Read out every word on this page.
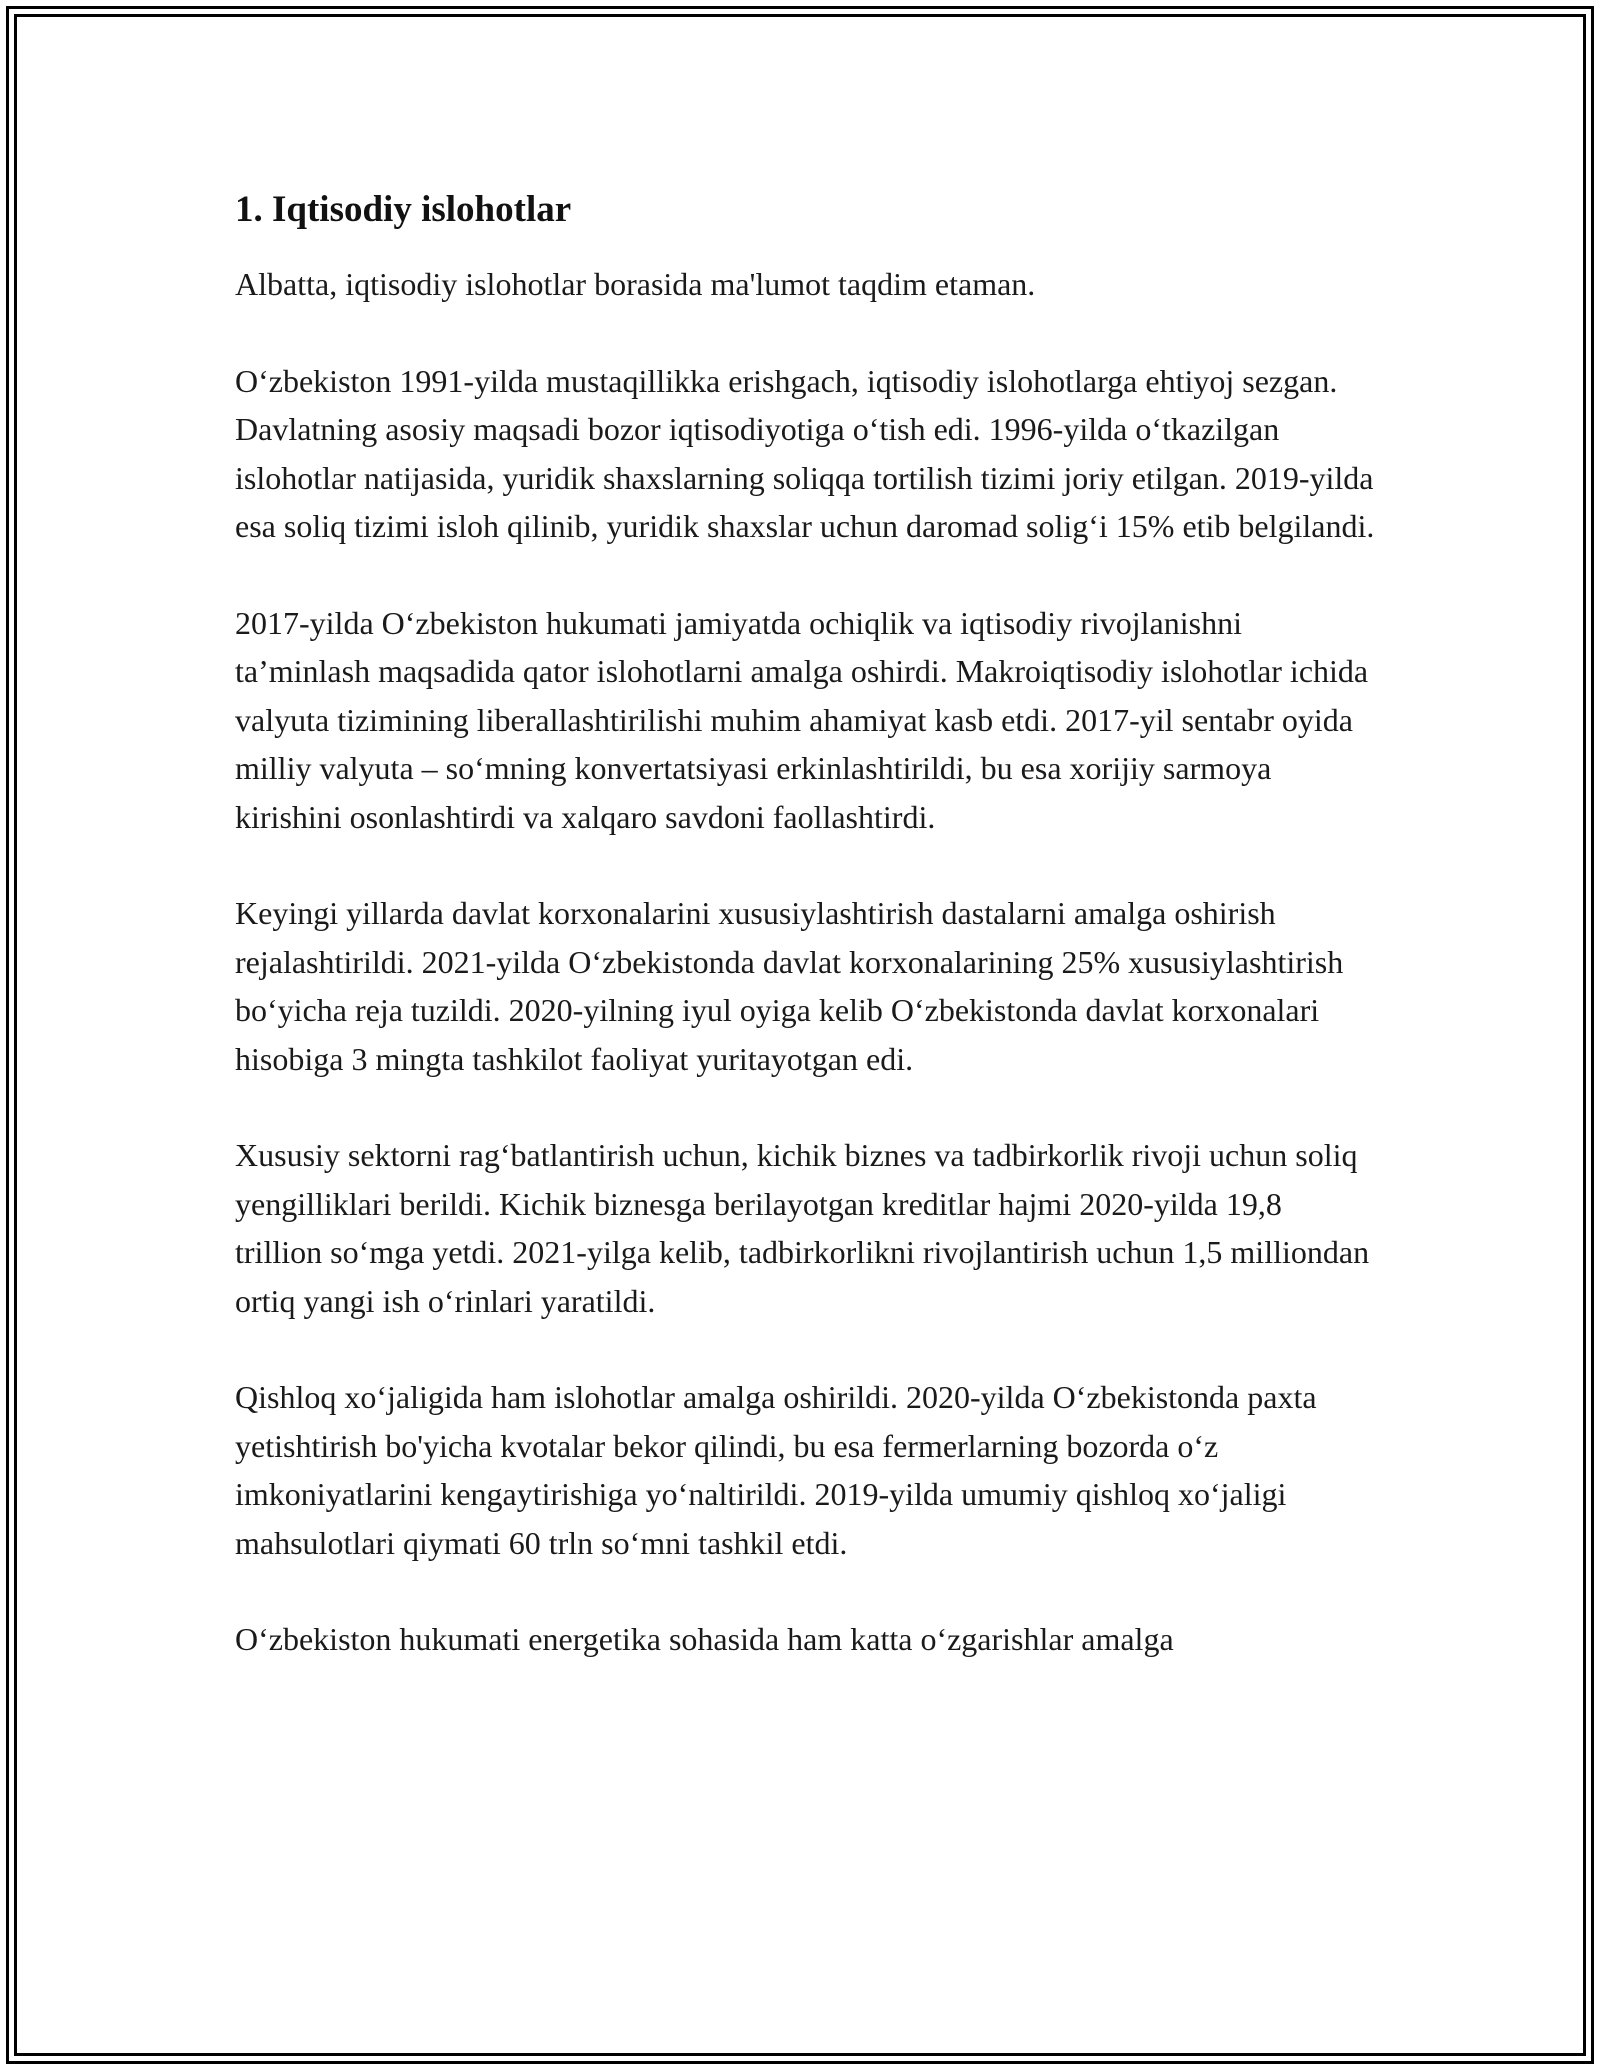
1. Iqtisodiy islohotlar

Albatta, iqtisodiy islohotlar borasida ma'lumot taqdim etaman.

O‘zbekiston 1991-yilda mustaqillikka erishgach, iqtisodiy islohotlarga ehtiyoj sezgan. Davlatning asosiy maqsadi bozor iqtisodiyotiga o‘tish edi. 1996-yilda o‘tkazilgan islohotlar natijasida, yuridik shaxslarning soliqqa tortilish tizimi joriy etilgan. 2019-yilda esa soliq tizimi isloh qilinib, yuridik shaxslar uchun daromad solig‘i 15% etib belgilandi.

2017-yilda O‘zbekiston hukumati jamiyatda ochiqlik va iqtisodiy rivojlanishni ta’minlash maqsadida qator islohotlarni amalga oshirdi. Makroiqtisodiy islohotlar ichida valyuta tizimining liberallashtirilishi muhim ahamiyat kasb etdi. 2017-yil sentabr oyida milliy valyuta – so‘mning konvertatsiyasi erkinlashtirildi, bu esa xorijiy sarmoya kirishini osonlashtirdi va xalqaro savdoni faollashtirdi.

Keyingi yillarda davlat korxonalarini xususiylashtirish dastalarni amalga oshirish rejalashtirildi. 2021-yilda O‘zbekistonda davlat korxonalarining 25% xususiylashtirish bo‘yicha reja tuzildi. 2020-yilning iyul oyiga kelib O‘zbekistonda davlat korxonalari hisobiga 3 mingta tashkilot faoliyat yuritayotgan edi.

Xususiy sektorni rag‘batlantirish uchun, kichik biznes va tadbirkorlik rivoji uchun soliq yengilliklari berildi. Kichik biznesga berilayotgan kreditlar hajmi 2020-yilda 19,8 trillion so‘mga yetdi. 2021-yilga kelib, tadbirkorlikni rivojlantirish uchun 1,5 milliondan ortiq yangi ish o‘rinlari yaratildi.

Qishloq xo‘jaligida ham islohotlar amalga oshirildi. 2020-yilda O‘zbekistonda paxta yetishtirish bo'yicha kvotalar bekor qilindi, bu esa fermerlarning bozorda o‘z imkoniyatlarini kengaytirishiga yo‘naltirildi. 2019-yilda umumiy qishloq xo‘jaligi mahsulotlari qiymati 60 trln so‘mni tashkil etdi.

O‘zbekiston hukumati energetika sohasida ham katta o‘zgarishlar amalga
